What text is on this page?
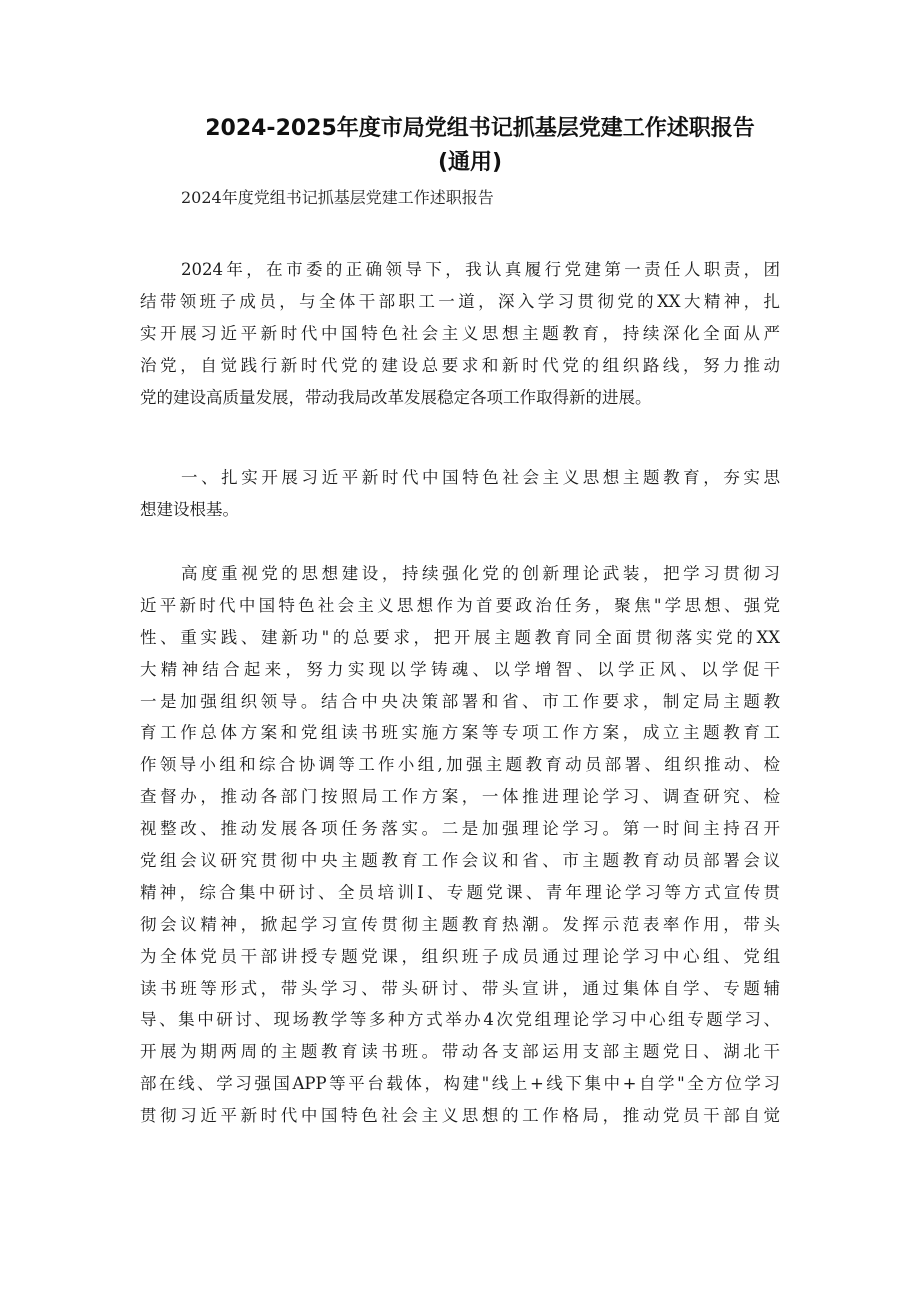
2024-2025年度市局党组书记抓基层党建工作述职报告
(通用)
2024年度党组书记抓基层党建工作述职报告
2024年，在市委的正确领导下，我认真履行党建第一责任人职责，团
结带领班子成员，与全体干部职工一道，深入学习贯彻党的XX大精神，扎
实开展习近平新时代中国特色社会主义思想主题教育，持续深化全面从严
治党，自觉践行新时代党的建设总要求和新时代党的组织路线，努力推动
党的建设高质量发展，带动我局改革发展稳定各项工作取得新的进展。
一、扎实开展习近平新时代中国特色社会主义思想主题教育，夯实思
想建设根基。
高度重视党的思想建设，持续强化党的创新理论武装，把学习贯彻习
近平新时代中国特色社会主义思想作为首要政治任务，聚焦"学思想、强党
性、重实践、建新功"的总要求，把开展主题教育同全面贯彻落实党的XX
大精神结合起来，努力实现以学铸魂、以学增智、以学正风、以学促干
一是加强组织领导。结合中央决策部署和省、市工作要求，制定局主题教
育工作总体方案和党组读书班实施方案等专项工作方案，成立主题教育工
作领导小组和综合协调等工作小组,加强主题教育动员部署、组织推动、检
查督办，推动各部门按照局工作方案，一体推进理论学习、调查研究、检
视整改、推动发展各项任务落实。二是加强理论学习。第一时间主持召开
党组会议研究贯彻中央主题教育工作会议和省、市主题教育动员部署会议
精神，综合集中研讨、全员培训I、专题党课、青年理论学习等方式宣传贯
彻会议精神，掀起学习宣传贯彻主题教育热潮。发挥示范表率作用，带头
为全体党员干部讲授专题党课，组织班子成员通过理论学习中心组、党组
读书班等形式，带头学习、带头研讨、带头宣讲，通过集体自学、专题辅
导、集中研讨、现场教学等多种方式举办4次党组理论学习中心组专题学习、
开展为期两周的主题教育读书班。带动各支部运用支部主题党日、湖北干
部在线、学习强国APP等平台载体，构建"线上+线下集中+自学"全方位学习
贯彻习近平新时代中国特色社会主义思想的工作格局，推动党员干部自觉
